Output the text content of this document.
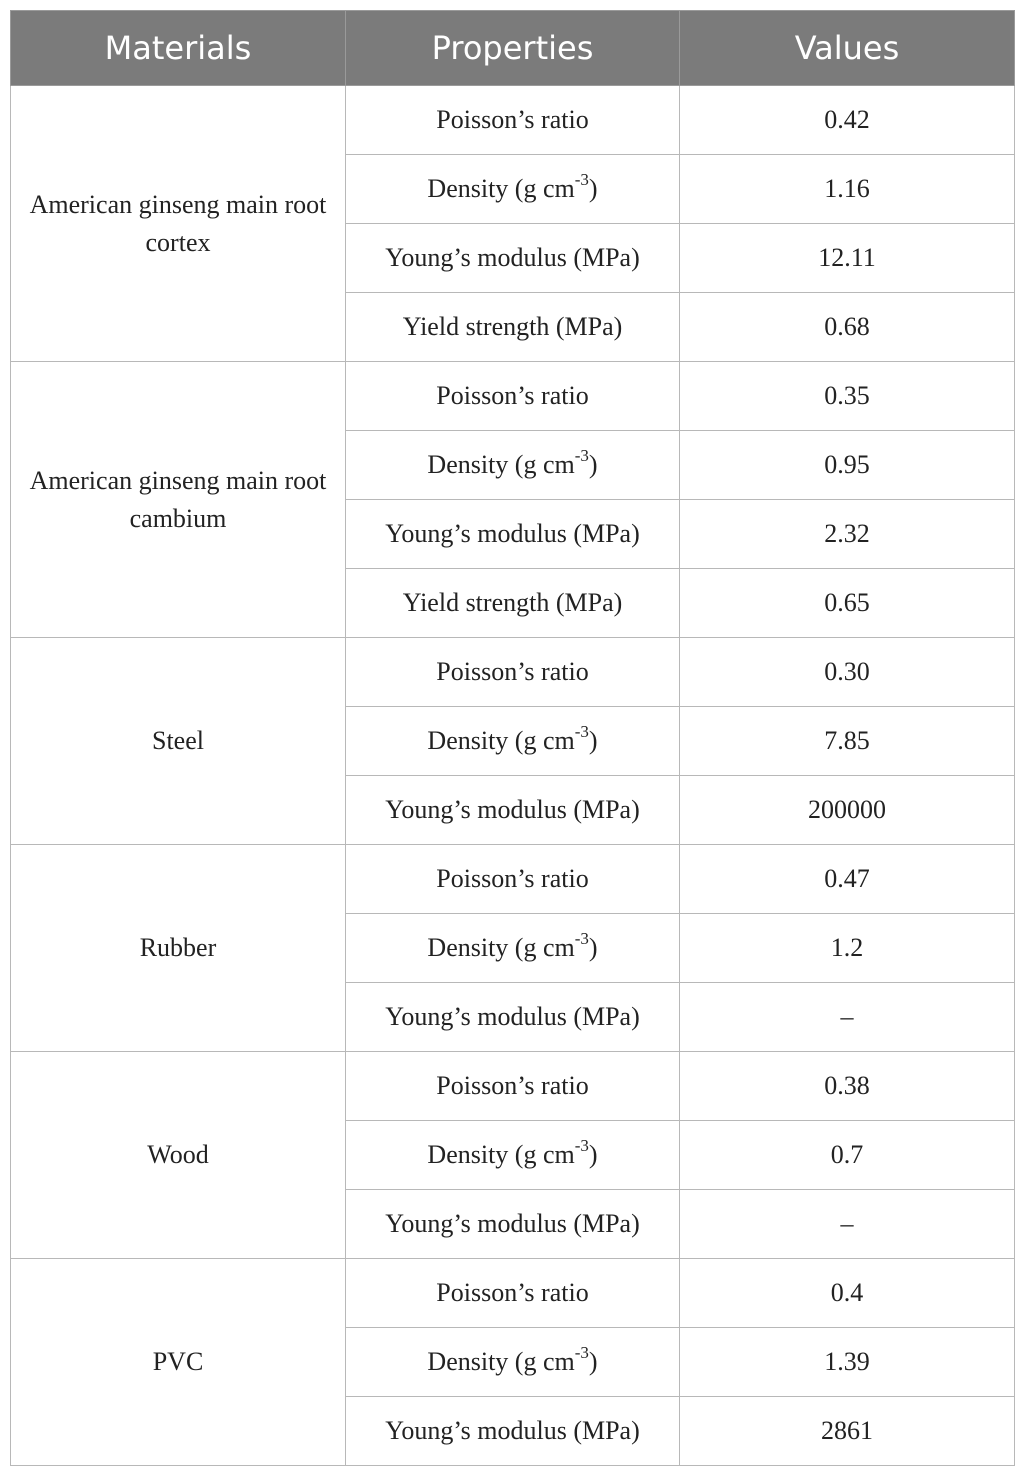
Materials	Properties	Values
American ginseng main root cortex	Poisson’s ratio	0.42
	Density (g $cm^{-3}$)	1.16
	Young’s modulus (MPa)	12.11
	Yield strength (MPa)	0.68
American ginseng main root cambium	Poisson’s ratio	0.35
	Density (g $cm^{-3}$)	0.95
	Young’s modulus (MPa)	2.32
	Yield strength (MPa)	0.65
Steel	Poisson’s ratio	0.30
	Density (g $cm^{-3}$)	7.85
	Young’s modulus (MPa)	200000
Rubber	Poisson’s ratio	0.47
	Density (g $cm^{-3}$)	1.2
	Young’s modulus (MPa)	–
Wood	Poisson’s ratio	0.38
	Density (g $cm^{-3}$)	0.7
	Young’s modulus (MPa)	–
PVC	Poisson’s ratio	0.4
	Density (g $cm^{-3}$)	1.39
	Young’s modulus (MPa)	2861
